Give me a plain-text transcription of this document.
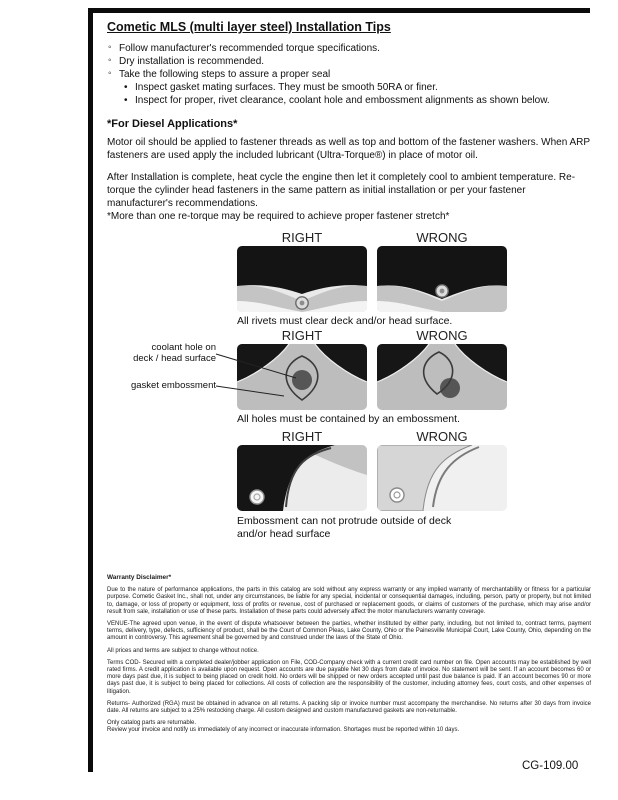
Cometic MLS (multi layer steel) Installation Tips
◦ Follow manufacturer's recommended torque specifications.
◦ Dry installation is recommended.
◦ Take the following steps to assure a proper seal
• Inspect gasket mating surfaces. They must be smooth 50RA or finer.
• Inspect for proper, rivet clearance, coolant hole and embossment alignments as shown below.
*For Diesel Applications*
Motor oil should be applied to fastener threads as well as top and bottom of the fastener washers. When ARP fasteners are used apply the included lubricant (Ultra-Torque®) in place of motor oil.
After Installation is complete, heat cycle the engine then let it completely cool to ambient temperature. Re-torque the cylinder head fasteners in the same pattern as initial installation or per your fastener manufacturer's recommendations.
*More than one re-torque may be required to achieve proper fastener stretch*
RIGHT	WRONG
All rivets must clear deck and/or head surface.
RIGHT	WRONG
coolant hole on
deck / head surface
gasket embossment
All holes must be contained by an embossment.
RIGHT	WRONG
Embossment can not protrude outside of deck
and/or head surface
Warranty Disclaimer*

Due to the nature of performance applications, the parts in this catalog are sold without any express warranty or any implied warranty of merchantability or fitness for a particular purpose. Cometic Gasket Inc., shall not, under any circumstances, be liable for any special, incidental or consequential damages, including, person, party or property, but not limited to, damage, or loss of property or equipment, loss of profits or revenue, cost of purchased or replacement goods, or claims of customers of the purchase, which may arise and/or result from sale, installation or use of these parts. Installation of these parts could adversely affect the motor manufacturers warranty coverage.

VENUE-The agreed upon venue, in the event of dispute whatsoever between the parties, whether instituted by either party, including, but not limited to, contract terms, payment terms, delivery, type, defects, sufficiency of product, shall be the Court of Common Pleas, Lake County, Ohio or the Painesville Municipal Court, Lake County, Ohio, depending on the amount in controversy. This agreement shall be governed by and construed under the laws of the State of Ohio.

All prices and terms are subject to change without notice.

Terms COD- Secured with a completed dealer/jobber application on File, COD-Company check with a current credit card number on file. Open accounts may be established by well rated firms. A credit application is available upon request. Open accounts are due payable Net 30 days from date of invoice. No statement will be sent. If an account becomes 60 or more days past due, it is subject to being placed on credit hold. No orders will be shipped or new orders accepted until past due balance is paid. If an account becomes 90 or more days past due, it is subject to being placed for collections. All costs of collection are the responsibility of the customer, including attorney fees, court costs, and other expenses of litigation.

Returns- Authorized (RGA) must be obtained in advance on all returns. A packing slip or invoice number must accompany the merchandise. No returns after 30 days from invoice date. All returns are subject to a 25% restocking charge. All custom designed and custom manufactured gaskets are non-returnable.

Only catalog parts are returnable.

Review your invoice and notify us immediately of any incorrect or inaccurate information. Shortages must be reported within 10 days.

CG-109.00
